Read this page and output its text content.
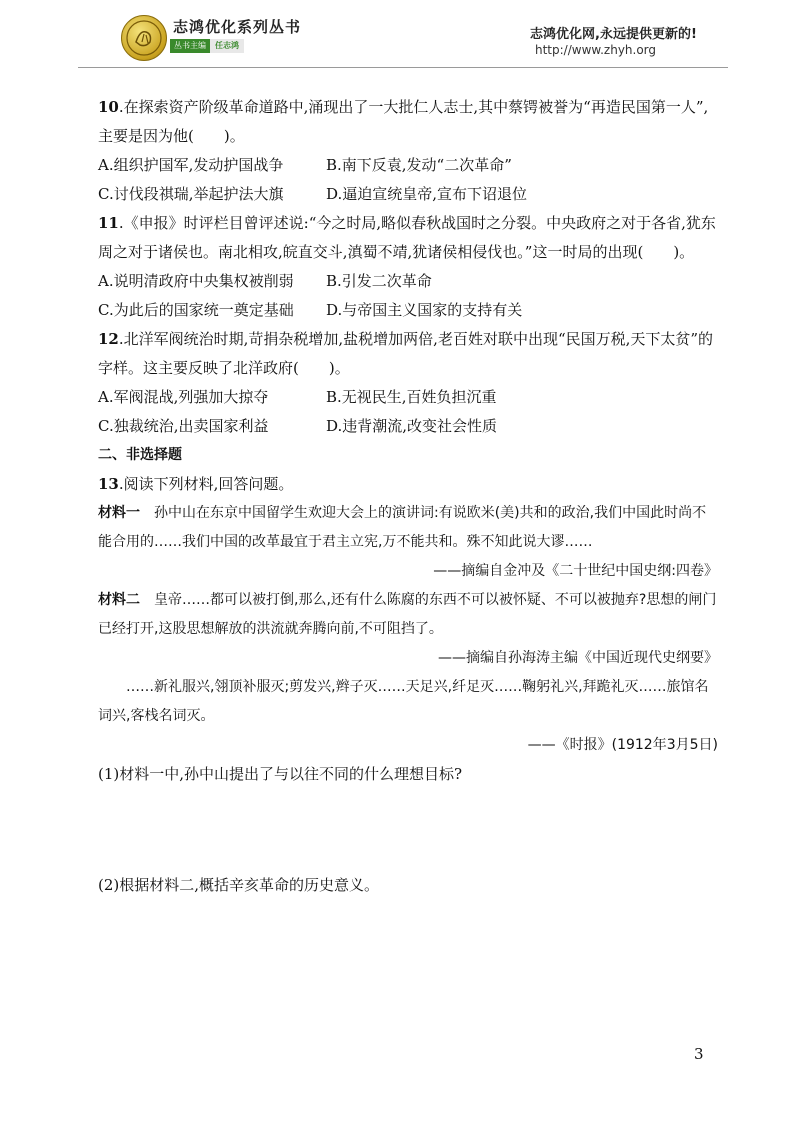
志鸿优化系列丛书
丛书主编	任志鸿
志鸿优化网,永远提供更新的!
http://www.zhyh.org

10.在探索资产阶级革命道路中,涌现出了一大批仁人志士,其中蔡锷被誉为“再造民国第一人”,主要是因为他(　　)。

A.组织护国军,发动护国战争	B.南下反袁,发动“二次革命”
C.讨伐段祺瑞,举起护法大旗	D.逼迫宣统皇帝,宣布下诏退位

11.《申报》时评栏目曾评述说:“今之时局,略似春秋战国时之分裂。中央政府之对于各省,犹东周之对于诸侯也。南北相攻,皖直交斗,滇蜀不靖,犹诸侯相侵伐也。”这一时局的出现(　　)。

A.说明清政府中央集权被削弱	B.引发二次革命
C.为此后的国家统一奠定基础	D.与帝国主义国家的支持有关

12.北洋军阀统治时期,苛捐杂税增加,盐税增加两倍,老百姓对联中出现“民国万税,天下太贫”的字样。这主要反映了北洋政府(　　)。

A.军阀混战,列强加大掠夺	B.无视民生,百姓负担沉重
C.独裁统治,出卖国家利益	D.违背潮流,改变社会性质
二、非选择题

13.阅读下列材料,回答问题。

材料一 孙中山在东京中国留学生欢迎大会上的演讲词:有说欧米(美)共和的政治,我们中国此时尚不能合用的……我们中国的改革最宜于君主立宪,万不能共和。殊不知此说大谬……

——摘编自金冲及《二十世纪中国史纲:四卷》

材料二 皇帝……都可以被打倒,那么,还有什么陈腐的东西不可以被怀疑、不可以被抛弃?思想的闸门已经打开,这股思想解放的洪流就奔腾向前,不可阻挡了。

——摘编自孙海涛主编《中国近现代史纲要》

……新礼服兴,翎顶补服灭;剪发兴,辫子灭……天足兴,纤足灭……鞠躬礼兴,拜跪礼灭……旅馆名词兴,客栈名词灭。

——《时报》(1912年3月5日)

(1)材料一中,孙中山提出了与以往不同的什么理想目标?

(2)根据材料二,概括辛亥革命的历史意义。

3
